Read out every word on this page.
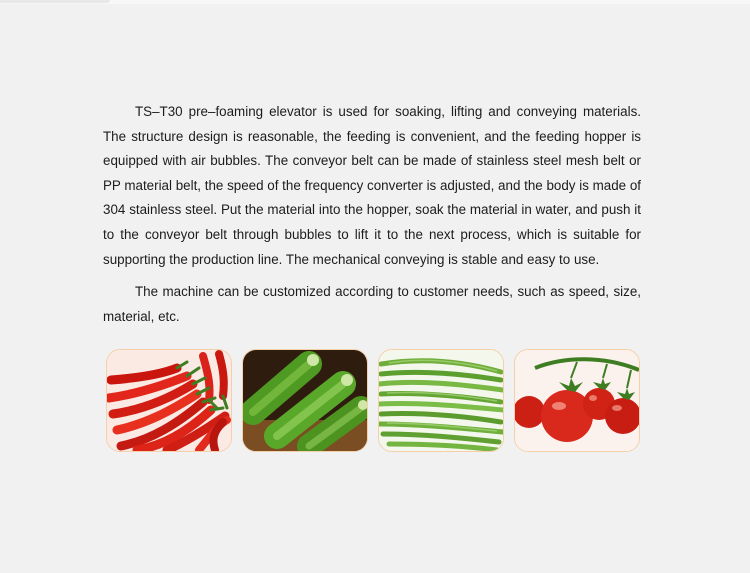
TS–T30 pre–foaming elevator is used for soaking, lifting and conveying materials. The structure design is reasonable, the feeding is convenient, and the feeding hopper is equipped with air bubbles. The conveyor belt can be made of stainless steel mesh belt or PP material belt, the speed of the frequency converter is adjusted, and the body is made of 304 stainless steel. Put the material into the hopper, soak the material in water, and push it to the conveyor belt through bubbles to lift it to the next process, which is suitable for supporting the production line. The mechanical conveying is stable and easy to use.

The machine can be customized according to customer needs, such as speed, size, material, etc.
